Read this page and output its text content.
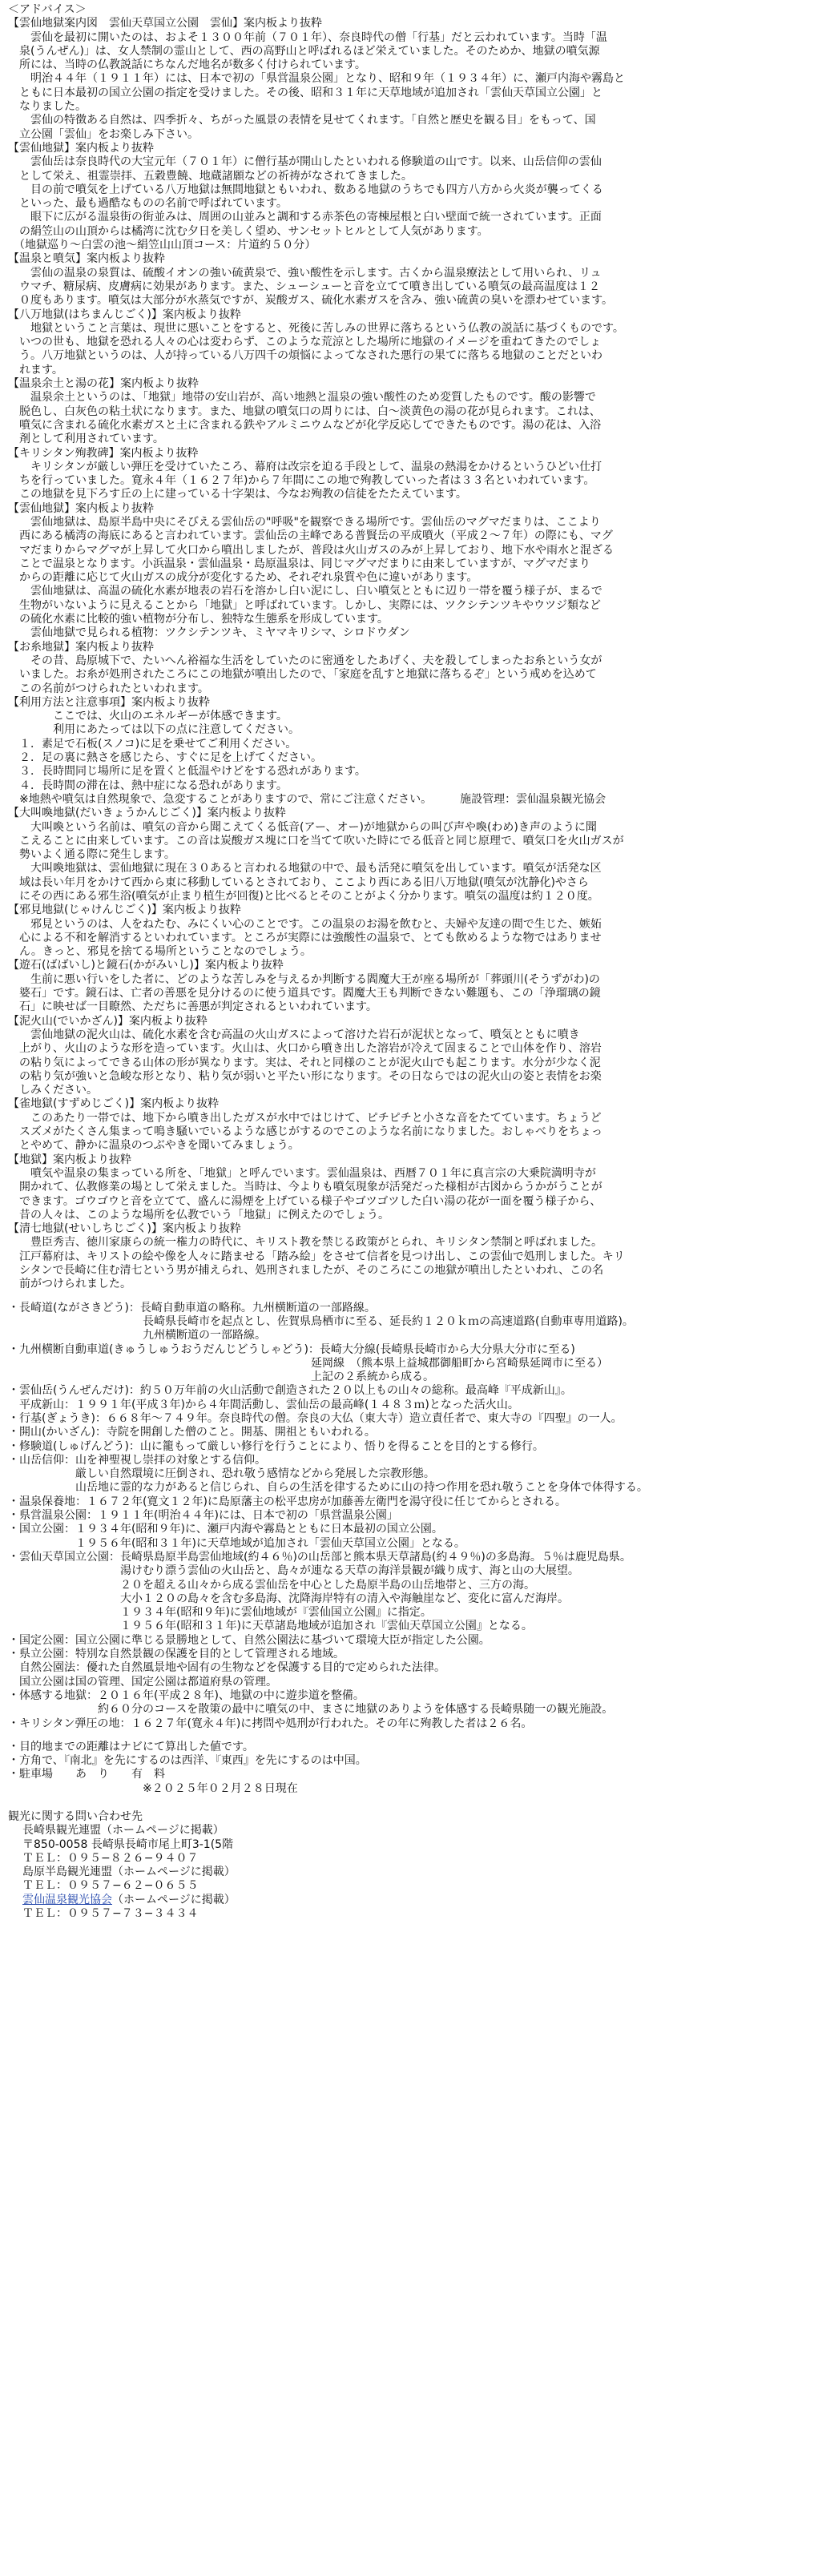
＜アドバイス＞
【雲仙地獄案内図　雲仙天草国立公園　雲仙】案内板より抜粋
　　雲仙を最初に開いたのは、およそ１３００年前（７０１年）、奈良時代の僧「行基」だと云われています。当時「温
　泉(うんぜん)」は、女人禁制の霊山として、西の高野山と呼ばれるほど栄えていました。そのためか、地獄の噴気源
　所には、当時の仏教説話にちなんだ地名が数多く付けられています。
　　明治４４年（１９１１年）には、日本で初の「県営温泉公園」となり、昭和９年（１９３４年）に、瀬戸内海や霧島と
　ともに日本最初の国立公園の指定を受けました。その後、昭和３１年に天草地域が追加され「雲仙天草国立公園」と
　なりました。
　　雲仙の特徴ある自然は、四季折々、ちがった風景の表情を見せてくれます。「自然と歴史を観る目」をもって、国
　立公園「雲仙」をお楽しみ下さい。
【雲仙地獄】案内板より抜粋
　　雲仙岳は奈良時代の大宝元年（７０１年）に僧行基が開山したといわれる修験道の山です。以来、山岳信仰の雲仙
　として栄え、祖霊崇拝、五穀豊饒、地蔵諸願などの祈祷がなされてきました。
　　目の前で噴気を上げている八万地獄は無間地獄ともいわれ、数ある地獄のうちでも四方八方から火炎が襲ってくる
　といった、最も過酷なものの名前で呼ばれています。
　　眼下に広がる温泉街の街並みは、周囲の山並みと調和する赤茶色の寄棟屋根と白い壁面で統一されています。正面
　の絹笠山の山頂からは橘湾に沈む夕日を美しく望め、サンセットヒルとして人気があります。
　（地獄巡り〜白雲の池〜絹笠山山頂コース：片道約５０分）
【温泉と噴気】案内板より抜粋
　　雲仙の温泉の泉質は、硫酸イオンの強い硫黄泉で、強い酸性を示します。古くから温泉療法として用いられ、リュ
　ウマチ、糖尿病、皮膚病に効果があります。また、シューシューと音を立てて噴き出している噴気の最高温度は１２
　０度もあります。噴気は大部分が水蒸気ですが、炭酸ガス、硫化水素ガスを含み、強い硫黄の臭いを漂わせています。
【八万地獄(はちまんじごく)】案内板より抜粋
　　地獄ということ言葉は、現世に悪いことをすると、死後に苦しみの世界に落ちるという仏教の説話に基づくものです。
　いつの世も、地獄を恐れる人々の心は変わらず、このような荒涼とした場所に地獄のイメージを重ねてきたのでしょ
　う。八万地獄というのは、人が持っている八万四千の煩悩によってなされた悪行の果てに落ちる地獄のことだといわ
　れます。
【温泉余土と湯の花】案内板より抜粋
　　温泉余土というのは、「地獄」地帯の安山岩が、高い地熱と温泉の強い酸性のため変質したものです。酸の影響で
　脱色し、白灰色の粘土状になります。また、地獄の噴気口の周りには、白〜淡黄色の湯の花が見られます。これは、
　噴気に含まれる硫化水素ガスと土に含まれる鉄やアルミニウムなどが化学反応してできたものです。湯の花は、入浴
　剤として利用されています。
【キリシタン殉教碑】案内板より抜粋
　　キリシタンが厳しい弾圧を受けていたころ、幕府は改宗を迫る手段として、温泉の熱湯をかけるというひどい仕打
　ちを行っていました。寛永４年（１６２７年)から７年間にこの地で殉教していった者は３３名といわれています。
　この地獄を見下ろす丘の上に建っている十字架は、今なお殉教の信徒をたたえています。
【雲仙地獄】案内板より抜粋
　　雲仙地獄は、島原半島中央にそびえる雲仙岳の"呼吸"を観察できる場所です。雲仙岳のマグマだまりは、ここより
　西にある橘湾の海底にあると言われています。雲仙岳の主峰である普賢岳の平成噴火（平成２〜７年）の際にも、マグ
　マだまりからマグマが上昇して火口から噴出しましたが、普段は火山ガスのみが上昇しており、地下水や雨水と混ざる
　ことで温泉となります。小浜温泉・雲仙温泉・島原温泉は、同じマグマだまりに由来していますが、マグマだまり
　からの距離に応じて火山ガスの成分が変化するため、それぞれ泉質や色に違いがあります。
　　雲仙地獄は、高温の硫化水素が地表の岩石を溶かし白い泥にし、白い噴気とともに辺り一帯を覆う様子が、まるで
　生物がいないように見えることから「地獄」と呼ばれています。しかし、実際には、ツクシテンツキやウツジ類など
　の硫化水素に比較的強い植物が分布し、独特な生態系を形成しています。
　　雲仙地獄で見られる植物：ツクシテンツキ、ミヤマキリシマ、シロドウダン
【お糸地獄】案内板より抜粋
　　その昔、島原城下で、たいへん裕福な生活をしていたのに密通をしたあげく、夫を殺してしまったお糸という女が
　いました。お糸が処刑されたころにこの地獄が噴出したので、「家庭を乱すと地獄に落ちるぞ」という戒めを込めて
　この名前がつけられたといわれます。
【利用方法と注意事項】案内板より抜粋
　　　　ここでは、火山のエネルギーが体感できます。
　　　　利用にあたっては以下の点に注意してください。
　１．素足で石板(スノコ)に足を乗せてご利用ください。
　２．足の裏に熱さを感じたら、すぐに足を上げてください。
　３．長時間同じ場所に足を置くと低温やけどをする恐れがあります。
　４．長時間の滞在は、熱中症になる恐れがあります。
　※地熱や噴気は自然現象で、急変することがありますので、常にご注意ください。　　　施設管理：雲仙温泉観光協会
【大叫喚地獄(だいきょうかんじごく)】案内板より抜粋
　　大叫喚という名前は、噴気の音から聞こえてくる低音(アー、オー)が地獄からの叫び声や喚(わめ)き声のように聞
　こえることに由来しています。この音は炭酸ガス塊に口を当てて吹いた時にでる低音と同じ原理で、噴気口を火山ガスが
　勢いよく通る際に発生します。
　　大叫喚地獄は、雲仙地獄に現在３０あると言われる地獄の中で、最も活発に噴気を出しています。噴気が活発な区
　域は長い年月をかけて西から東に移動しているとされており、ここより西にある旧八万地獄(噴気が沈静化)やさら
　にその西にある邪生浴(噴気が止まり植生が回復)と比べるとそのことがよく分かります。噴気の温度は約１２０度。
【邪見地獄(じゃけんじごく)】案内板より抜粋
　　邪見というのは、人をねたむ、みにくい心のことです。この温泉のお湯を飲むと、夫婦や友達の間で生じた、嫉妬
　心による不和を解消するといわれています。ところが実際には強酸性の温泉で、とても飲めるような物ではありませ
　ん。きっと、邪見を捨てる場所ということなのでしょう。
【遊石(ばばいし)と鏡石(かがみいし)】案内板より抜粋
　　生前に悪い行いをした者に、どのような苦しみを与えるか判断する閻魔大王が座る場所が「葬頭川(そうずがわ)の
　婆石」です。鏡石は、亡者の善悪を見分けるのに使う道具です。閻魔大王も判断できない難題も、この「浄瑠璃の鏡
　石」に映せば一目瞭然、ただちに善悪が判定されるといわれています。
【泥火山(でいかざん)】案内板より抜粋
　　雲仙地獄の泥火山は、硫化水素を含む高温の火山ガスによって溶けた岩石が泥状となって、噴気とともに噴き
　上がり、火山のような形を造っています。火山は、火口から噴き出した溶岩が冷えて固まることで山体を作り、溶岩
　の粘り気によってできる山体の形が異なります。実は、それと同様のことが泥火山でも起こります。水分が少なく泥
　の粘り気が強いと急峻な形となり、粘り気が弱いと平たい形になります。その日ならではの泥火山の姿と表情をお楽
　しみください。
【雀地獄(すずめじごく)】案内板より抜粋
　　このあたり一帯では、地下から噴き出したガスが水中ではじけて、ピチピチと小さな音をたてています。ちょうど
　スズメがたくさん集まって鳴き騒いでいるような感じがするのでこのような名前になりました。おしゃべりをちょっ
　とやめて、静かに温泉のつぶやきを聞いてみましょう。
【地獄】案内板より抜粋
　　噴気や温泉の集まっている所を、「地獄」と呼んでいます。雲仙温泉は、西暦７０１年に真言宗の大乗院満明寺が
　開かれて、仏教修業の場として栄えました。当時は、今よりも噴気現象が活発だった様相が古図からうかがうことが
　できます。ゴウゴウと音を立てて、盛んに湯煙を上げている様子やゴツゴツした白い湯の花が一面を覆う様子から、
　昔の人々は、このような場所を仏教でいう「地獄」に例えたのでしょう。
【清七地獄(せいしちじごく)】案内板より抜粋
　　豊臣秀吉、徳川家康らの統一権力の時代に、キリスト教を禁じる政策がとられ、キリシタン禁制と呼ばれました。
　江戸幕府は、キリストの絵や像を人々に踏ませる「踏み絵」をさせて信者を見つけ出し、この雲仙で処刑しました。キリ
　シタンで長崎に住む清七という男が捕えられ、処刑されましたが、そのころにこの地獄が噴出したといわれ、この名
　前がつけられました。
・長崎道(ながさきどう)：長崎自動車道の略称。九州横断道の一部路線。
　　　　　　　　　　　　長崎県長崎市を起点とし、佐賀県鳥栖市に至る、延長約１２０ｋｍの高速道路(自動車専用道路)。
　　　　　　　　　　　　九州横断道の一部路線。
・九州横断自動車道(きゅうしゅうおうだんじどうしゃどう)：長崎大分線(長崎県長崎市から大分県大分市に至る)
　　　　　　　　　　　　　　　　　　　　　　　　　　　延岡線　（熊本県上益城郡御船町から宮崎県延岡市に至る）
　　　　　　　　　　　　　　　　　　　　　　　　　　　上記の２系統から成る。
・雲仙岳(うんぜんだけ)：約５０万年前の火山活動で創造された２０以上もの山々の総称。最高峰『平成新山』。
　平成新山：１９９１年(平成３年)から４年間活動し、雲仙岳の最高峰(１４８３ｍ)となった活火山。
・行基(ぎょうき)：６６８年〜７４９年。奈良時代の僧。奈良の大仏（東大寺）造立責任者で、東大寺の『四聖』の一人。
・開山(かいざん)：寺院を開創した僧のこと。開基、開祖ともいわれる。
・修験道(しゅげんどう)：山に籠もって厳しい修行を行うことにより、悟りを得ることを目的とする修行。
・山岳信仰：山を神聖視し崇拝の対象とする信仰。
　　　　　　厳しい自然環境に圧倒され、恐れ敬う感情などから発展した宗教形態。
　　　　　　山岳地に霊的な力があると信じられ、自らの生活を律するために山の持つ作用を恐れ敬うことを身体で体得する。
・温泉保養地：１６７２年(寛文１２年)に島原藩主の松平忠房が加藤善左衛門を湯守役に任じてからとされる。
・県営温泉公園：１９１１年(明治４４年)には、日本で初の「県営温泉公園」
・国立公園：１９３４年(昭和９年)に、瀬戸内海や霧島とともに日本最初の国立公園。
　　　　　　１９５６年(昭和３１年)に天草地域が追加され「雲仙天草国立公園」となる。
・雲仙天草国立公園：長崎県島原半島雲仙地域(約４６％)の山岳部と熊本県天草諸島(約４９％)の多島海。５％は鹿児島県。
　　　　　　　　　　湯けむり漂う雲仙の火山岳と、島々が連なる天草の海洋景観が織り成す、海と山の大展望。
　　　　　　　　　　２０を超える山々から成る雲仙岳を中心とした島原半島の山岳地帯と、三方の海。
　　　　　　　　　　大小１２０の島々を含む多島海、沈降海岸特有の清入や海触崖など、変化に富んだ海岸。
　　　　　　　　　　１９３４年(昭和９年)に雲仙地域が『雲仙国立公園』に指定。
　　　　　　　　　　１９５６年(昭和３１年)に天草諸島地域が追加され『雲仙天草国立公園』となる。
・国定公園：国立公園に準じる景勝地として、自然公園法に基づいて環境大臣が指定した公園。
・県立公園：特別な自然景観の保護を目的として管理される地域。
　自然公園法：優れた自然風景地や固有の生物などを保護する目的で定められた法律。
　国立公園は国の管理、国定公園は都道府県の管理。
・体感する地獄：２０１６年(平成２８年)、地獄の中に遊歩道を整備。
　　　　　　　　約６０分のコースを散策の最中に噴気の中、まさに地獄のありようを体感する長崎県随一の観光施設。
・キリシタン弾圧の地：１６２７年(寛永４年)に拷問や処刑が行われた。その年に殉教した者は２６名。
・目的地までの距離はナビにて算出した値です。
・方角で、『南北』を先にするのは西洋、『東西』を先にするのは中国。
・駐車場　　あ　り　　有　料
　　　　　　　　　　　　※２０２５年０２月２８日現在
観光に関する問い合わせ先
長崎県観光連盟（ホームページに掲載）
〒850-0058 長崎県長崎市尾上町3-1(5階
ＴＥＬ：０９５−８２６−９４０７
島原半島観光連盟（ホームページに掲載）
ＴＥＬ：０９５７−６２−０６５５
雲仙温泉観光協会（ホームページに掲載）
ＴＥＬ：０９５７−７３−３４３４
